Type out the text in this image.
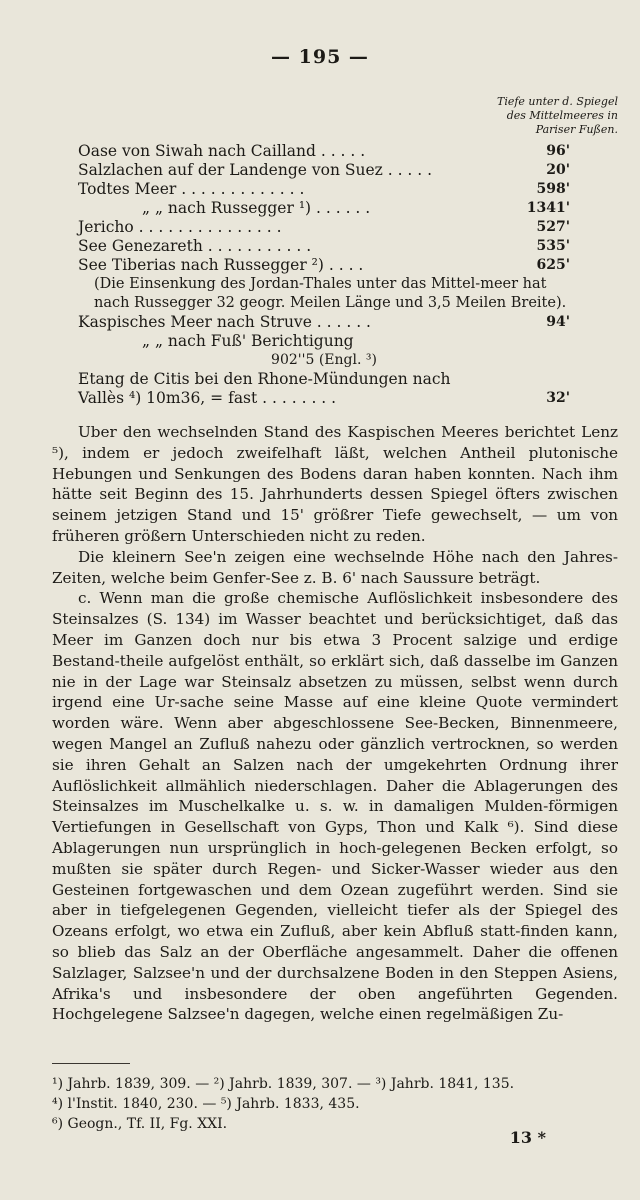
— 195 —
Tiefe unter d. Spiegel
des Mittelmeeres in
Pariser Fußen.
Oase von Siwah nach Cailland . . . . .	96'
Salzlachen auf der Landenge von Suez . . . . .	20'
Todtes Meer . . . . . . . . . . . . .	598'
„ „ nach Russegger ¹) . . . . . .	1341'
Jericho . . . . . . . . . . . . . . .	527'
See Genezareth . . . . . . . . . . .	535'
See Tiberias nach Russegger ²) . . . .	625'
(Die Einsenkung des Jordan-Thales unter das Mittel-meer hat nach Russegger 32 geogr. Meilen Länge und 3,5 Meilen Breite).
Kaspisches Meer nach Struve . . . . . .	94'
„ „ nach Fuß' Berichtigung
902''5 (Engl. ³)
Etang de Citis bei den Rhone-Mündungen nach
Vallès ⁴) 10m36, = fast . . . . . . . .	32'

Uber den wechselnden Stand des Kaspischen Meeres berichtet Lenz ⁵), indem er jedoch zweifelhaft läßt, welchen Antheil plutonische Hebungen und Senkungen des Bodens daran haben konnten. Nach ihm hätte seit Beginn des 15. Jahrhunderts dessen Spiegel öfters zwischen seinem jetzigen Stand und 15' größrer Tiefe gewechselt, — um von früheren größern Unterschieden nicht zu reden.

Die kleinern See'n zeigen eine wechselnde Höhe nach den Jahres-Zeiten, welche beim Genfer-See z. B. 6' nach Saussure beträgt.

c. Wenn man die große chemische Auflöslichkeit insbesondere des Steinsalzes (S. 134) im Wasser beachtet und berücksichtiget, daß das Meer im Ganzen doch nur bis etwa 3 Procent salzige und erdige Bestand-theile aufgelöst enthält, so erklärt sich, daß dasselbe im Ganzen nie in der Lage war Steinsalz absetzen zu müssen, selbst wenn durch irgend eine Ur-sache seine Masse auf eine kleine Quote vermindert worden wäre. Wenn aber abgeschlossene See-Becken, Binnenmeere, wegen Mangel an Zufluß nahezu oder gänzlich vertrocknen, so werden sie ihren Gehalt an Salzen nach der umgekehrten Ordnung ihrer Auflöslichkeit allmählich niederschlagen. Daher die Ablagerungen des Steinsalzes im Muschelkalke u. s. w. in damaligen Mulden-förmigen Vertiefungen in Gesellschaft von Gyps, Thon und Kalk ⁶). Sind diese Ablagerungen nun ursprünglich in hoch-gelegenen Becken erfolgt, so mußten sie später durch Regen- und Sicker-Wasser wieder aus den Gesteinen fortgewaschen und dem Ozean zugeführt werden. Sind sie aber in tiefgelegenen Gegenden, vielleicht tiefer als der Spiegel des Ozeans erfolgt, wo etwa ein Zufluß, aber kein Abfluß statt-finden kann, so blieb das Salz an der Oberfläche angesammelt. Daher die offenen Salzlager, Salzsee'n und der durchsalzene Boden in den Steppen Asiens, Afrika's und insbesondere der oben angeführten Gegenden. Hochgelegene Salzsee'n dagegen, welche einen regelmäßigen Zu-

¹) Jahrb. 1839, 309. — ²) Jahrb. 1839, 307. — ³) Jahrb. 1841, 135.
⁴) l'Instit. 1840, 230. — ⁵) Jahrb. 1833, 435.
⁶) Geogn., Tf. II, Fg. XXI.
13 *
